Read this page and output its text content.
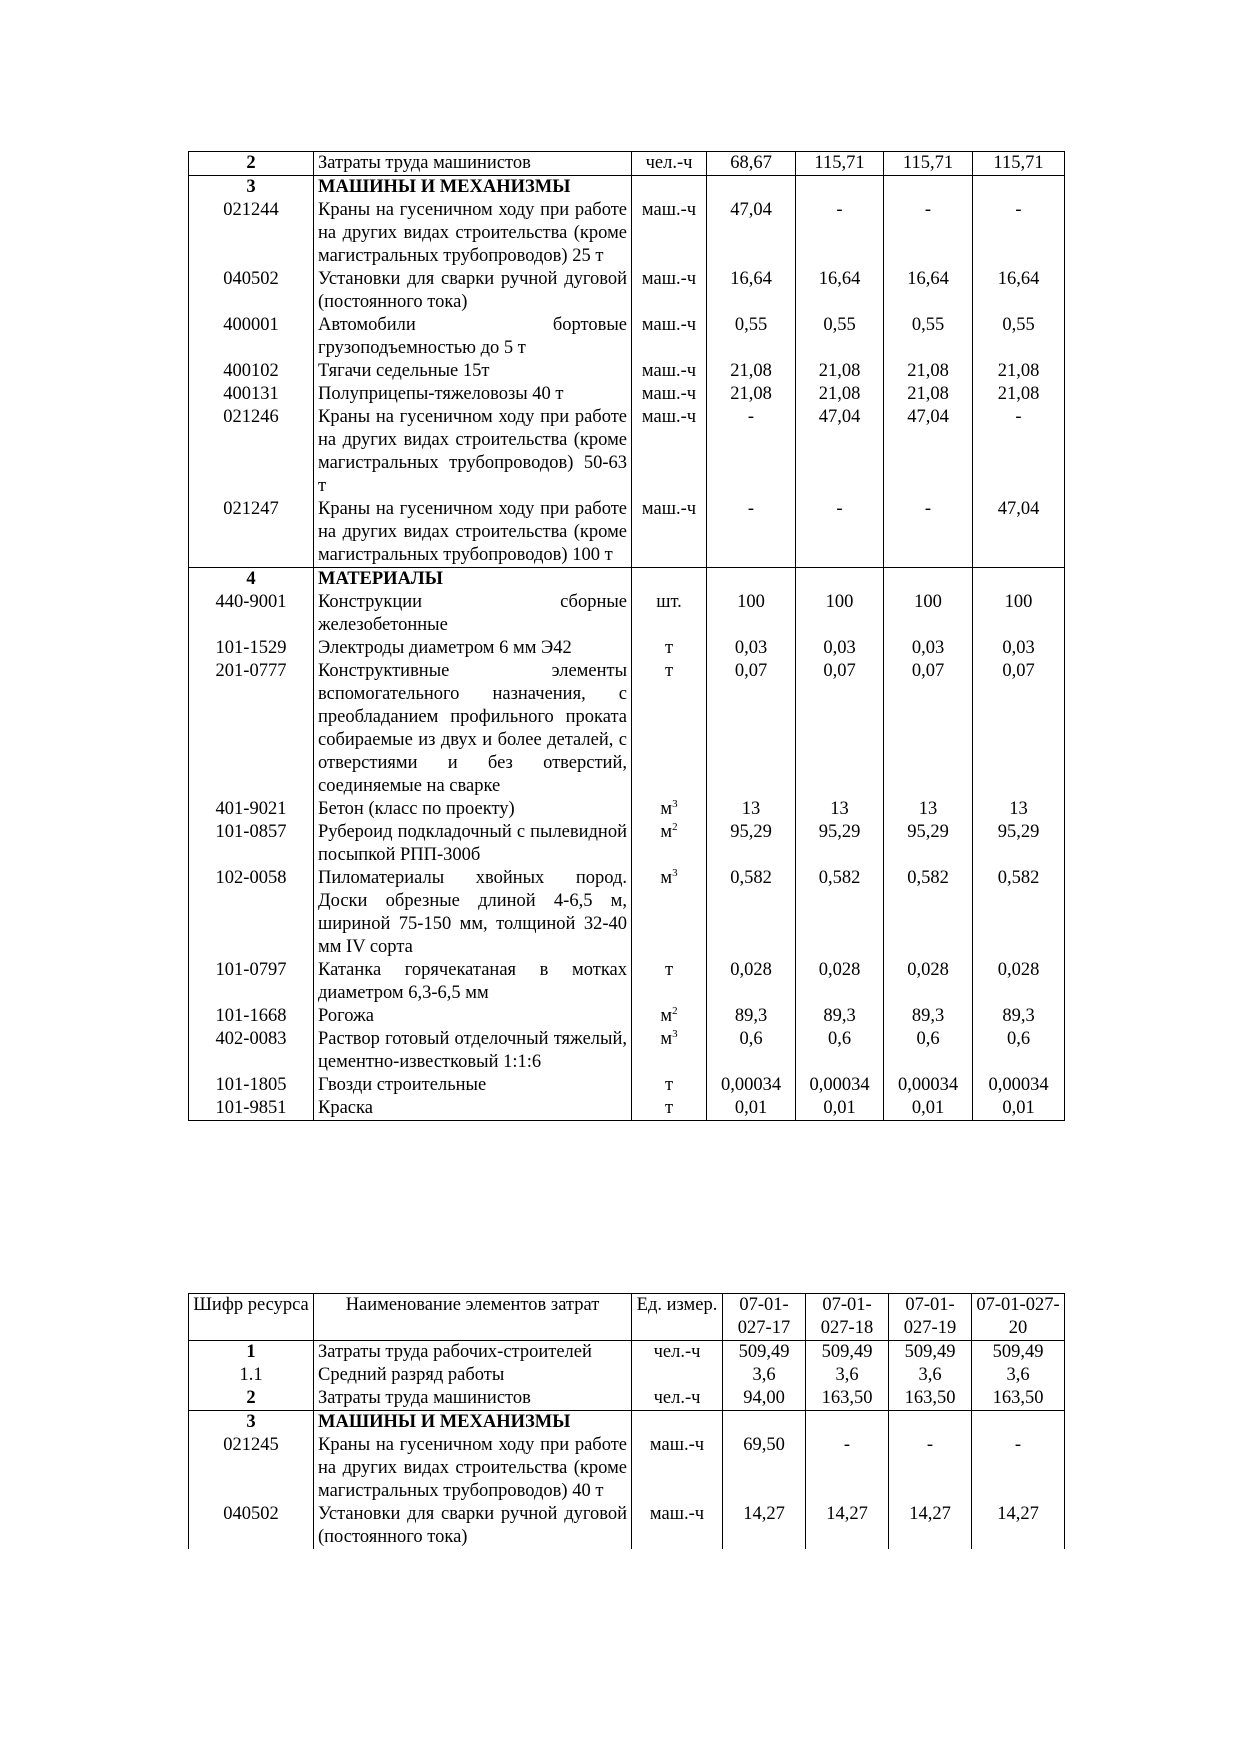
2	Затраты труда машинистов	чел.-ч	68,67	115,71	115,71	115,71
3	МАШИНЫ И МЕХАНИЗМЫ					
021244	Краны на гусеничном ходу при работе на других видах строительства (кроме магистральных трубопроводов) 25 т	маш.-ч	47,04	-	-	-
040502	Установки для сварки ручной дуговой (постоянного тока)	маш.-ч	16,64	16,64	16,64	16,64
400001	Автомобили бортовые грузоподъемностью до 5 т	маш.-ч	0,55	0,55	0,55	0,55
400102	Тягачи седельные 15т	маш.-ч	21,08	21,08	21,08	21,08
400131	Полуприцепы-тяжеловозы 40 т	маш.-ч	21,08	21,08	21,08	21,08
021246	Краны на гусеничном ходу при работе на других видах строительства (кроме магистральных трубопроводов) 50-63 т	маш.-ч	-	47,04	47,04	-
021247	Краны на гусеничном ходу при работе на других видах строительства (кроме магистральных трубопроводов) 100 т	маш.-ч	-	-	-	47,04
4	МАТЕРИАЛЫ					
440-9001	Конструкции сборные железобетонные	шт.	100	100	100	100
101-1529	Электроды диаметром 6 мм Э42	т	0,03	0,03	0,03	0,03
201-0777	Конструктивные элементы вспомогательного назначения, с преобладанием профильного проката собираемые из двух и более деталей, с отверстиями и без отверстий, соединяемые на сварке	т	0,07	0,07	0,07	0,07
401-9021	Бетон (класс по проекту)	$м^3$	13	13	13	13
101-0857	Рубероид подкладочный с пылевидной посыпкой РПП-300б	$м^2$	95,29	95,29	95,29	95,29
102-0058	Пиломатериалы хвойных пород. Доски обрезные длиной 4-6,5 м, шириной 75-150 мм, толщиной 32-40 мм IV сорта	$м^3$	0,582	0,582	0,582	0,582
101-0797	Катанка горячекатаная в мотках диаметром 6,3-6,5 мм	т	0,028	0,028	0,028	0,028
101-1668	Рогожа	$м^2$	89,3	89,3	89,3	89,3
402-0083	Раствор готовый отделочный тяжелый, цементно-известковый 1:1:6	$м^3$	0,6	0,6	0,6	0,6
101-1805	Гвозди строительные	т	0,00034	0,00034	0,00034	0,00034
101-9851	Краска	т	0,01	0,01	0,01	0,01
Шифр ресурса	Наименование элементов затрат	Ед. измер.	07-01-027-17	07-01-027-18	07-01-027-19	07-01-027-20
1	Затраты труда рабочих-строителей	чел.-ч	509,49	509,49	509,49	509,49
1.1	Средний разряд работы		3,6	3,6	3,6	3,6
2	Затраты труда машинистов	чел.-ч	94,00	163,50	163,50	163,50
3	МАШИНЫ И МЕХАНИЗМЫ					
021245	Краны на гусеничном ходу при работе на других видах строительства (кроме магистральных трубопроводов) 40 т	маш.-ч	69,50	-	-	-
040502	Установки для сварки ручной дуговой (постоянного тока)	маш.-ч	14,27	14,27	14,27	14,27
